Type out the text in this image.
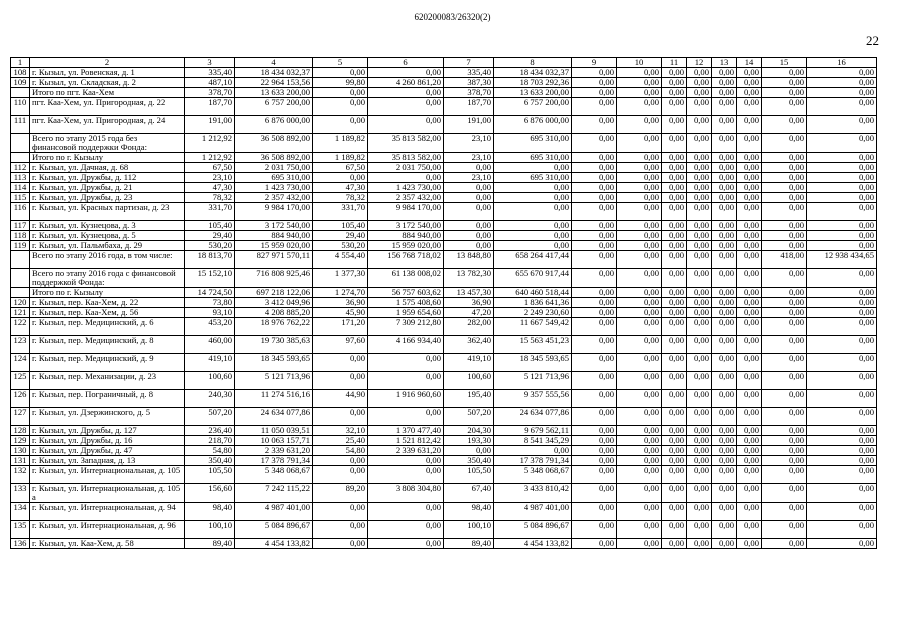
620200083/26320(2)
22
1	2	3	4	5	6	7	8	9	10	11	12	13	14	15	16
108	г. Кызыл, ул. Ровенская, д. 1	335,40	18 434 032,37	0,00	0,00	335,40	18 434 032,37	0,00	0,00	0,00	0,00	0,00	0,00	0,00	0,00
109	г. Кызыл, ул. Складская, д. 2	487,10	22 964 153,56	99,80	4 260 861,20	387,30	18 703 292,36	0,00	0,00	0,00	0,00	0,00	0,00	0,00	0,00
	Итого по пгт. Каа-Хем	378,70	13 633 200,00	0,00	0,00	378,70	13 633 200,00	0,00	0,00	0,00	0,00	0,00	0,00	0,00	0,00
110	пгт. Каа-Хем, ул. Пригородная, д. 22	187,70	6 757 200,00	0,00	0,00	187,70	6 757 200,00	0,00	0,00	0,00	0,00	0,00	0,00	0,00	0,00
111	пгт. Каа-Хем, ул. Пригородная, д. 24	191,00	6 876 000,00	0,00	0,00	191,00	6 876 000,00	0,00	0,00	0,00	0,00	0,00	0,00	0,00	0,00
	Всего по этапу 2015 года без финансовой поддержки Фонда:	1 212,92	36 508 892,00	1 189,82	35 813 582,00	23,10	695 310,00	0,00	0,00	0,00	0,00	0,00	0,00	0,00	0,00
	Итого по г. Кызылу	1 212,92	36 508 892,00	1 189,82	35 813 582,00	23,10	695 310,00	0,00	0,00	0,00	0,00	0,00	0,00	0,00	0,00
112	г. Кызыл, ул. Дачная, д. 68	67,50	2 031 750,00	67,50	2 031 750,00	0,00	0,00	0,00	0,00	0,00	0,00	0,00	0,00	0,00	0,00
113	г. Кызыл, ул. Дружбы, д. 112	23,10	695 310,00	0,00	0,00	23,10	695 310,00	0,00	0,00	0,00	0,00	0,00	0,00	0,00	0,00
114	г. Кызыл, ул. Дружбы, д. 21	47,30	1 423 730,00	47,30	1 423 730,00	0,00	0,00	0,00	0,00	0,00	0,00	0,00	0,00	0,00	0,00
115	г. Кызыл, ул. Дружбы, д. 23	78,32	2 357 432,00	78,32	2 357 432,00	0,00	0,00	0,00	0,00	0,00	0,00	0,00	0,00	0,00	0,00
116	г. Кызыл, ул. Красных партизан, д. 23	331,70	9 984 170,00	331,70	9 984 170,00	0,00	0,00	0,00	0,00	0,00	0,00	0,00	0,00	0,00	0,00
117	г. Кызыл, ул. Кузнецова, д. 3	105,40	3 172 540,00	105,40	3 172 540,00	0,00	0,00	0,00	0,00	0,00	0,00	0,00	0,00	0,00	0,00
118	г. Кызыл, ул. Кузнецова, д. 5	29,40	884 940,00	29,40	884 940,00	0,00	0,00	0,00	0,00	0,00	0,00	0,00	0,00	0,00	0,00
119	г. Кызыл, ул. Пальмбаха, д. 29	530,20	15 959 020,00	530,20	15 959 020,00	0,00	0,00	0,00	0,00	0,00	0,00	0,00	0,00	0,00	0,00
	Всего по этапу 2016 года, в том числе:	18 813,70	827 971 570,11	4 554,40	156 768 718,02	13 848,80	658 264 417,44	0,00	0,00	0,00	0,00	0,00	0,00	418,00	12 938 434,65
	Всего по этапу 2016 года с финансовой поддержкой Фонда:	15 152,10	716 808 925,46	1 377,30	61 138 008,02	13 782,30	655 670 917,44	0,00	0,00	0,00	0,00	0,00	0,00	0,00	0,00
	Итого по г. Кызылу	14 724,50	697 218 122,06	1 274,70	56 757 603,62	13 457,30	640 460 518,44	0,00	0,00	0,00	0,00	0,00	0,00	0,00	0,00
120	г. Кызыл, пер. Каа-Хем, д. 22	73,80	3 412 049,96	36,90	1 575 408,60	36,90	1 836 641,36	0,00	0,00	0,00	0,00	0,00	0,00	0,00	0,00
121	г. Кызыл, пер. Каа-Хем, д. 56	93,10	4 208 885,20	45,90	1 959 654,60	47,20	2 249 230,60	0,00	0,00	0,00	0,00	0,00	0,00	0,00	0,00
122	г. Кызыл, пер. Медицинский, д. 6	453,20	18 976 762,22	171,20	7 309 212,80	282,00	11 667 549,42	0,00	0,00	0,00	0,00	0,00	0,00	0,00	0,00
123	г. Кызыл, пер. Медицинский, д. 8	460,00	19 730 385,63	97,60	4 166 934,40	362,40	15 563 451,23	0,00	0,00	0,00	0,00	0,00	0,00	0,00	0,00
124	г. Кызыл, пер. Медицинский, д. 9	419,10	18 345 593,65	0,00	0,00	419,10	18 345 593,65	0,00	0,00	0,00	0,00	0,00	0,00	0,00	0,00
125	г. Кызыл, пер. Механизации, д. 23	100,60	5 121 713,96	0,00	0,00	100,60	5 121 713,96	0,00	0,00	0,00	0,00	0,00	0,00	0,00	0,00
126	г. Кызыл, пер. Пограничный, д. 8	240,30	11 274 516,16	44,90	1 916 960,60	195,40	9 357 555,56	0,00	0,00	0,00	0,00	0,00	0,00	0,00	0,00
127	г. Кызыл, ул. Дзержинского, д. 5	507,20	24 634 077,86	0,00	0,00	507,20	24 634 077,86	0,00	0,00	0,00	0,00	0,00	0,00	0,00	0,00
128	г. Кызыл, ул. Дружбы, д. 127	236,40	11 050 039,51	32,10	1 370 477,40	204,30	9 679 562,11	0,00	0,00	0,00	0,00	0,00	0,00	0,00	0,00
129	г. Кызыл, ул. Дружбы, д. 16	218,70	10 063 157,71	25,40	1 521 812,42	193,30	8 541 345,29	0,00	0,00	0,00	0,00	0,00	0,00	0,00	0,00
130	г. Кызыл, ул. Дружбы, д. 47	54,80	2 339 631,20	54,80	2 339 631,20	0,00	0,00	0,00	0,00	0,00	0,00	0,00	0,00	0,00	0,00
131	г. Кызыл, ул. Западная, д. 13	350,40	17 378 791,34	0,00	0,00	350,40	17 378 791,34	0,00	0,00	0,00	0,00	0,00	0,00	0,00	0,00
132	г. Кызыл, ул. Интернациональная, д. 105	105,50	5 348 068,67	0,00	0,00	105,50	5 348 068,67	0,00	0,00	0,00	0,00	0,00	0,00	0,00	0,00
133	г. Кызыл, ул. Интернациональная, д. 105 а	156,60	7 242 115,22	89,20	3 808 304,80	67,40	3 433 810,42	0,00	0,00	0,00	0,00	0,00	0,00	0,00	0,00
134	г. Кызыл, ул. Интернациональная, д. 94	98,40	4 987 401,00	0,00	0,00	98,40	4 987 401,00	0,00	0,00	0,00	0,00	0,00	0,00	0,00	0,00
135	г. Кызыл, ул. Интернациональная, д. 96	100,10	5 084 896,67	0,00	0,00	100,10	5 084 896,67	0,00	0,00	0,00	0,00	0,00	0,00	0,00	0,00
136	г. Кызыл, ул. Каа-Хем, д. 58	89,40	4 454 133,82	0,00	0,00	89,40	4 454 133,82	0,00	0,00	0,00	0,00	0,00	0,00	0,00	0,00
